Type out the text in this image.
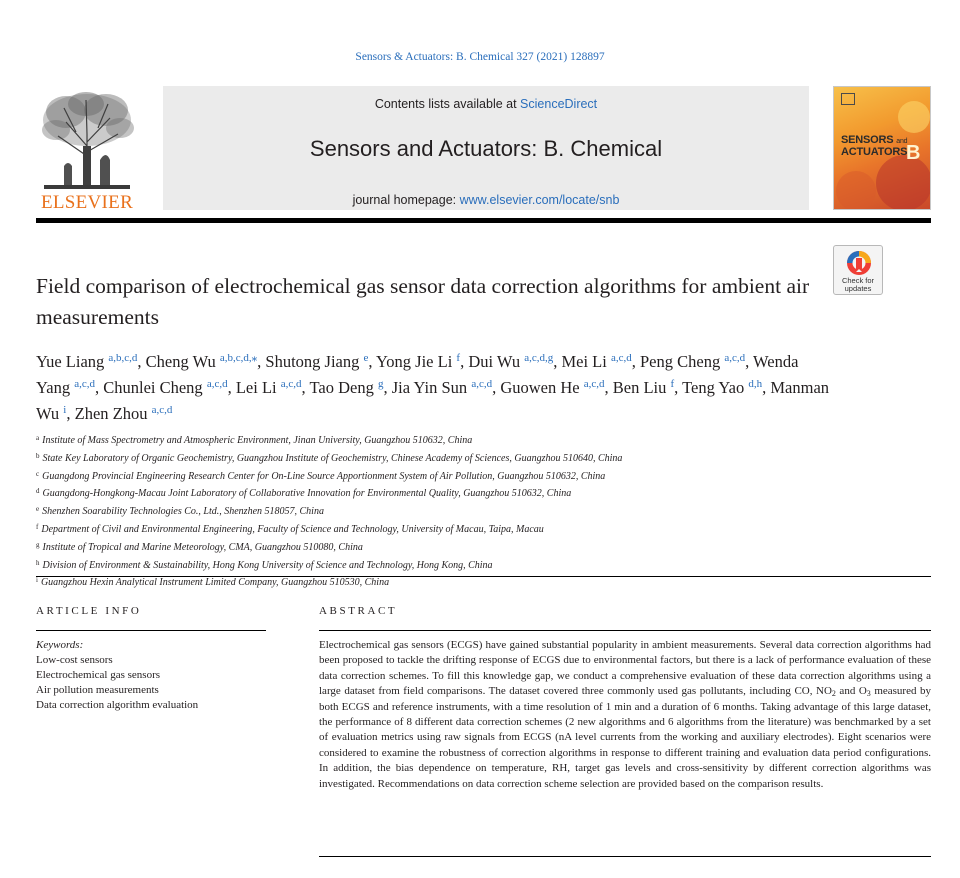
Sensors & Actuators: B. Chemical 327 (2021) 128897
ELSEVIER
Contents lists available at ScienceDirect
Sensors and Actuators: B. Chemical
journal homepage: www.elsevier.com/locate/snb
SENSORS and
ACTUATORS
B
Check for
updates
Field comparison of electrochemical gas sensor data correction algorithms for ambient air measurements
Yue Liang $^{a,b,c,d}$, Cheng Wu $^{a,b,c,d,⁎}$, Shutong Jiang $^e$, Yong Jie Li $^f$, Dui Wu $^{a,c,d,g}$, Mei Li $^{a,c,d}$, Peng Cheng $^{a,c,d}$, Wenda Yang $^{a,c,d}$, Chunlei Cheng $^{a,c,d}$, Lei Li $^{a,c,d}$, Tao Deng $^g$, Jia Yin Sun $^{a,c,d}$, Guowen He $^{a,c,d}$, Ben Liu $^f$, Teng Yao $^{d,h}$, Manman Wu $^i$, Zhen Zhou $^{a,c,d}$
$^a$ Institute of Mass Spectrometry and Atmospheric Environment, Jinan University, Guangzhou 510632, China
$^b$ State Key Laboratory of Organic Geochemistry, Guangzhou Institute of Geochemistry, Chinese Academy of Sciences, Guangzhou 510640, China
$^c$ Guangdong Provincial Engineering Research Center for On-Line Source Apportionment System of Air Pollution, Guangzhou 510632, China
$^d$ Guangdong-Hongkong-Macau Joint Laboratory of Collaborative Innovation for Environmental Quality, Guangzhou 510632, China
$^e$ Shenzhen Soarability Technologies Co., Ltd., Shenzhen 518057, China
$^f$ Department of Civil and Environmental Engineering, Faculty of Science and Technology, University of Macau, Taipa, Macau
$^g$ Institute of Tropical and Marine Meteorology, CMA, Guangzhou 510080, China
$^h$ Division of Environment & Sustainability, Hong Kong University of Science and Technology, Hong Kong, China
$^i$ Guangzhou Hexin Analytical Instrument Limited Company, Guangzhou 510530, China
ARTICLE INFO	ABSTRACT
Keywords:
Low-cost sensors
Electrochemical gas sensors
Air pollution measurements
Data correction algorithm evaluation
Electrochemical gas sensors (ECGS) have gained substantial popularity in ambient measurements. Several data correction algorithms had been proposed to tackle the drifting response of ECGS due to environmental factors, but there is a lack of performance evaluation of these data correction schemes. To fill this knowledge gap, we conduct a comprehensive evaluation of these data correction algorithms using a large dataset from field comparisons. The dataset covered three commonly used gas pollutants, including CO, $NO_2$ and $O_3$ measured by both ECGS and reference instruments, with a time resolution of 1 min and a duration of 6 months. Taking advantage of this large dataset, the performance of 8 different data correction schemes (2 new algorithms and 6 algorithms from the literature) was benchmarked by a set of evaluation metrics using raw signals from ECGS (nA level currents from the working and auxiliary electrodes). Eight scenarios were considered to examine the robustness of correction algorithms in response to different training and evaluation data period configurations. In addition, the bias dependence on temperature, RH, target gas levels and cross-sensitivity by different correction algorithms was investigated. Recommendations on data correction scheme selection are provided based on the comparison results.
